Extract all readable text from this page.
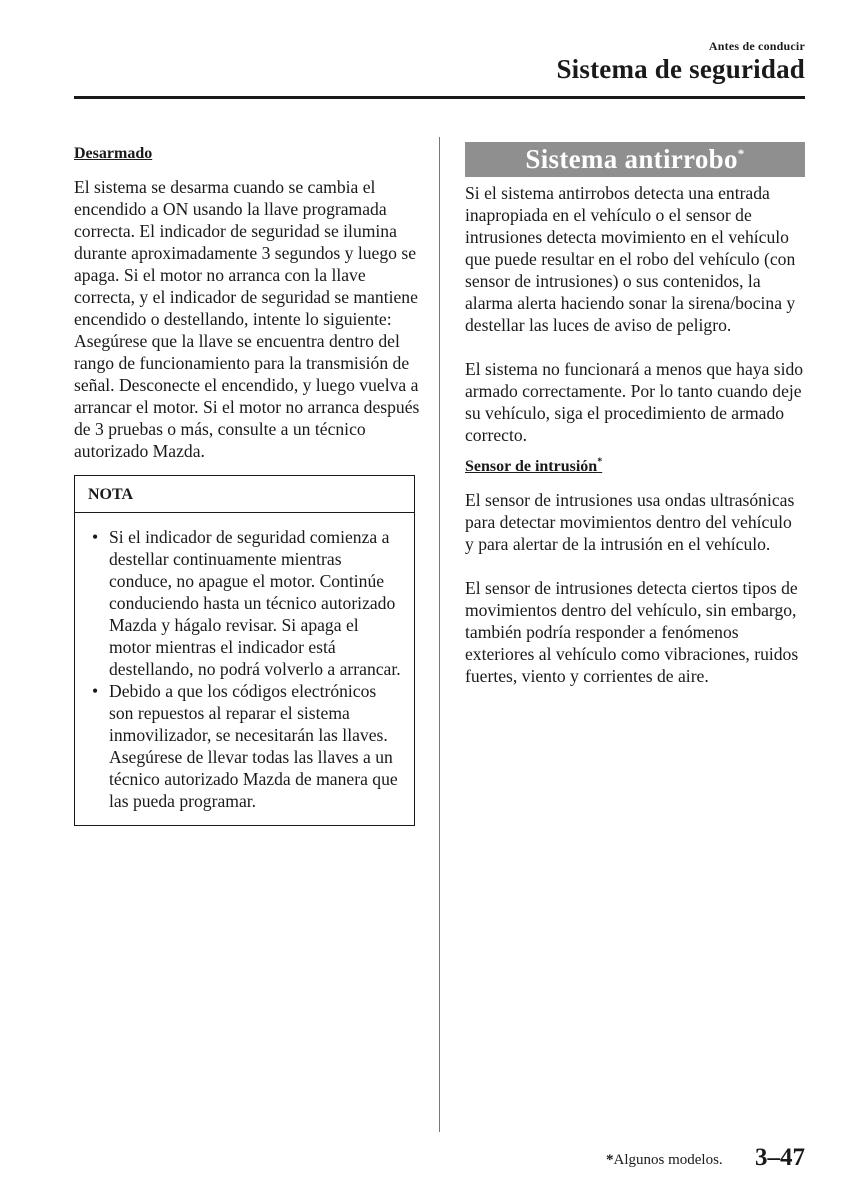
Antes de conducir
Sistema de seguridad
Desarmado

El sistema se desarma cuando se cambia el encendido a ON usando la llave programada correcta. El indicador de seguridad se ilumina durante aproximadamente 3 segundos y luego se apaga. Si el motor no arranca con la llave correcta, y el indicador de seguridad se mantiene encendido o destellando, intente lo siguiente:

Asegúrese que la llave se encuentra dentro del rango de funcionamiento para la transmisión de señal. Desconecte el encendido, y luego vuelva a arrancar el motor. Si el motor no arranca después de 3 pruebas o más, consulte a un técnico autorizado Mazda.

NOTA
• Si el indicador de seguridad comienza a destellar continuamente mientras conduce, no apague el motor. Continúe conduciendo hasta un técnico autorizado Mazda y hágalo revisar. Si apaga el motor mientras el indicador está destellando, no podrá volverlo a arrancar.
• Debido a que los códigos electrónicos son repuestos al reparar el sistema inmovilizador, se necesitarán las llaves. Asegúrese de llevar todas las llaves a un técnico autorizado Mazda de manera que las pueda programar.
Sistema antirrobo*

Si el sistema antirrobos detecta una entrada inapropiada en el vehículo o el sensor de intrusiones detecta movimiento en el vehículo que puede resultar en el robo del vehículo (con sensor de intrusiones) o sus contenidos, la alarma alerta haciendo sonar la sirena/bocina y destellar las luces de aviso de peligro.

El sistema no funcionará a menos que haya sido armado correctamente. Por lo tanto cuando deje su vehículo, siga el procedimiento de armado correcto.

Sensor de intrusión*

El sensor de intrusiones usa ondas ultrasónicas para detectar movimientos dentro del vehículo y para alertar de la intrusión en el vehículo.

El sensor de intrusiones detecta ciertos tipos de movimientos dentro del vehículo, sin embargo, también podría responder a fenómenos exteriores al vehículo como vibraciones, ruidos fuertes, viento y corrientes de aire.

*Algunos modelos. 3–47
